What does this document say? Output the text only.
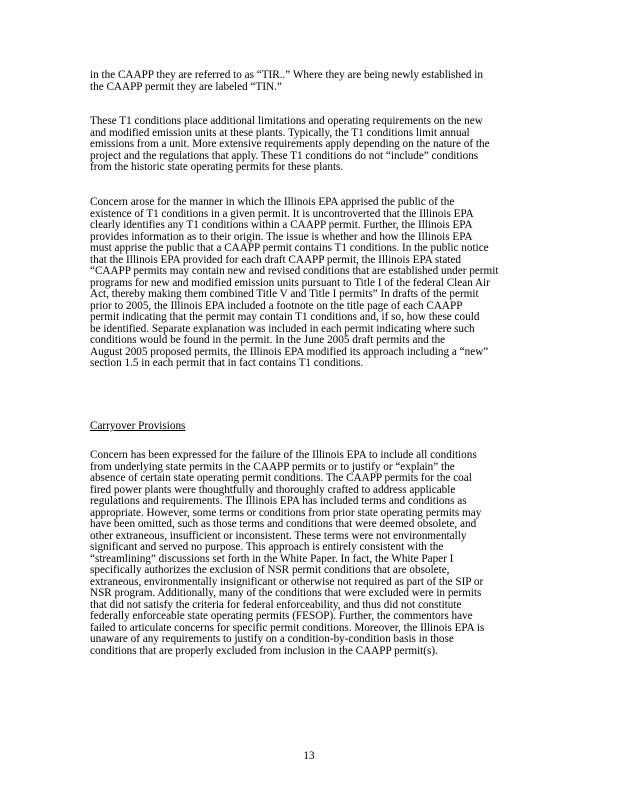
in the CAAPP they are referred to as “TIR..” Where they are being newly established in
the CAAPP permit they are labeled “TIN.”
These T1 conditions place additional limitations and operating requirements on the new
and modified emission units at these plants. Typically, the T1 conditions limit annual
emissions from a unit. More extensive requirements apply depending on the nature of the
project and the regulations that apply. These T1 conditions do not “include” conditions
from the historic state operating permits for these plants.
Concern arose for the manner in which the Illinois EPA apprised the public of the
existence of T1 conditions in a given permit. It is uncontroverted that the Illinois EPA
clearly identifies any T1 conditions within a CAAPP permit. Further, the Illinois EPA
provides information as to their origin. The issue is whether and how the Illinois EPA
must apprise the public that a CAAPP permit contains T1 conditions. In the public notice
that the Illinois EPA provided for each draft CAAPP permit, the Illinois EPA stated
“CAAPP permits may contain new and revised conditions that are established under permit
programs for new and modified emission units pursuant to Title I of the federal Clean Air
Act, thereby making them combined Title V and Title I permits” In drafts of the permit
prior to 2005, the Illinois EPA included a footnote on the title page of each CAAPP
permit indicating that the permit may contain T1 conditions and, if so, how these could
be identified. Separate explanation was included in each permit indicating where such
conditions would be found in the permit. In the June 2005 draft permits and the
August 2005 proposed permits, the Illinois EPA modified its approach including a “new”
section 1.5 in each permit that in fact contains T1 conditions.
Carryover Provisions
Concern has been expressed for the failure of the Illinois EPA to include all conditions
from underlying state permits in the CAAPP permits or to justify or “explain” the
absence of certain state operating permit conditions. The CAAPP permits for the coal
fired power plants were thoughtfully and thoroughly crafted to address applicable
regulations and requirements. The Illinois EPA has included terms and conditions as
appropriate. However, some terms or conditions from prior state operating permits may
have been omitted, such as those terms and conditions that were deemed obsolete, and
other extraneous, insufficient or inconsistent. These terms were not environmentally
significant and served no purpose. This approach is entirely consistent with the
“streamlining” discussions set forth in the White Paper. In fact, the White Paper I
specifically authorizes the exclusion of NSR permit conditions that are obsolete,
extraneous, environmentally insignificant or otherwise not required as part of the SIP or
NSR program. Additionally, many of the conditions that were excluded were in permits
that did not satisfy the criteria for federal enforceability, and thus did not constitute
federally enforceable state operating permits (FESOP). Further, the commentors have
failed to articulate concerns for specific permit conditions. Moreover, the Illinois EPA is
unaware of any requirements to justify on a condition-by-condition basis in those
conditions that are properly excluded from inclusion in the CAAPP permit(s).
13
